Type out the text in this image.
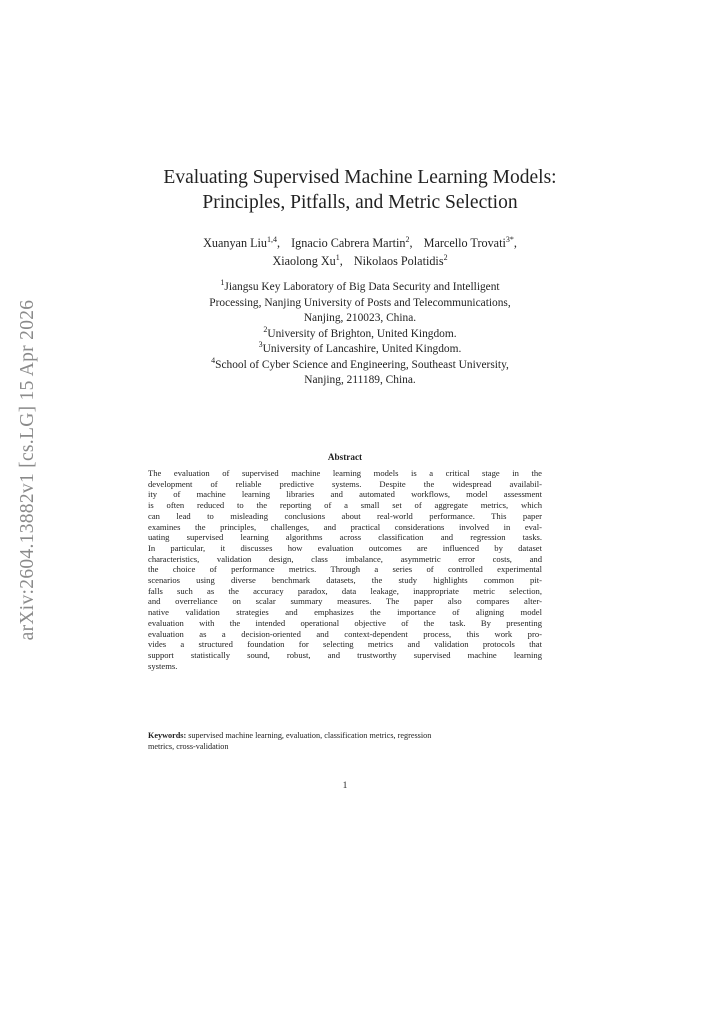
arXiv:2604.13882v1 [cs.LG] 15 Apr 2026
Evaluating Supervised Machine Learning Models:
Principles, Pitfalls, and Metric Selection
Xuanyan Liu$^{1,4}$, Ignacio Cabrera Martin$^2$, Marcello Trovati$^{3*}$,
Xiaolong Xu$^1$, Nikolaos Polatidis$^2$
$^1$Jiangsu Key Laboratory of Big Data Security and Intelligent
Processing, Nanjing University of Posts and Telecommunications,
Nanjing, 210023, China.
$^2$University of Brighton, United Kingdom.
$^3$University of Lancashire, United Kingdom.
$^4$School of Cyber Science and Engineering, Southeast University,
Nanjing, 211189, China.
Abstract
The evaluation of supervised machine learning models is a critical stage in the
development of reliable predictive systems. Despite the widespread availabil-
ity of machine learning libraries and automated workflows, model assessment
is often reduced to the reporting of a small set of aggregate metrics, which
can lead to misleading conclusions about real-world performance. This paper
examines the principles, challenges, and practical considerations involved in eval-
uating supervised learning algorithms across classification and regression tasks.
In particular, it discusses how evaluation outcomes are influenced by dataset
characteristics, validation design, class imbalance, asymmetric error costs, and
the choice of performance metrics. Through a series of controlled experimental
scenarios using diverse benchmark datasets, the study highlights common pit-
falls such as the accuracy paradox, data leakage, inappropriate metric selection,
and overreliance on scalar summary measures. The paper also compares alter-
native validation strategies and emphasizes the importance of aligning model
evaluation with the intended operational objective of the task. By presenting
evaluation as a decision-oriented and context-dependent process, this work pro-
vides a structured foundation for selecting metrics and validation protocols that
support statistically sound, robust, and trustworthy supervised machine learning
systems.
Keywords: supervised machine learning, evaluation, classification metrics, regression
metrics, cross-validation
1
